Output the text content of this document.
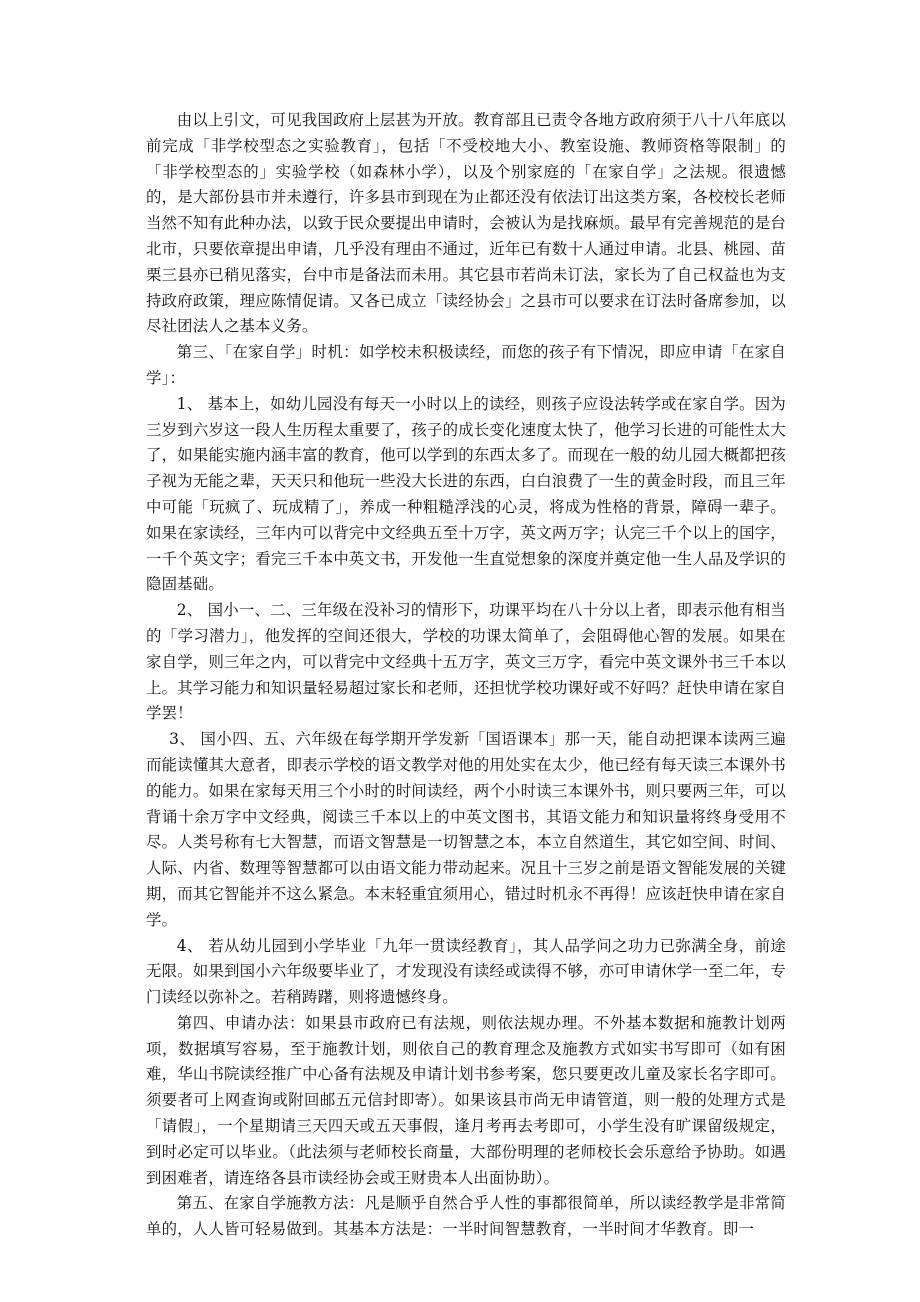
由以上引文，可见我国政府上层甚为开放。教育部且已责令各地方政府须于八十八年底以前完成「非学校型态之实验教育」，包括「不受校地大小、教室设施、教师资格等限制」的「非学校型态的」实验学校（如森林小学），以及个别家庭的「在家自学」之法规。很遗憾的，是大部份县市并未遵行，许多县市到现在为止都还没有依法订出这类方案，各校校长老师当然不知有此种办法，以致于民众要提出申请时，会被认为是找麻烦。最早有完善规范的是台北市，只要依章提出申请，几乎没有理由不通过，近年已有数十人通过申请。北县、桃园、苗栗三县亦已稍见落实，台中市是备法而未用。其它县市若尚未订法，家长为了自己权益也为支持政府政策，理应陈情促请。又各已成立「读经协会」之县市可以要求在订法时备席参加，以尽社团法人之基本义务。

第三、「在家自学」时机：如学校未积极读经，而您的孩子有下情况，即应申请「在家自学」：

1、 基本上，如幼儿园没有每天一小时以上的读经，则孩子应设法转学或在家自学。因为三岁到六岁这一段人生历程太重要了，孩子的成长变化速度太快了，他学习长进的可能性太大了，如果能实施内涵丰富的教育，他可以学到的东西太多了。而现在一般的幼儿园大概都把孩子视为无能之辈，天天只和他玩一些没大长进的东西，白白浪费了一生的黄金时段，而且三年中可能「玩疯了、玩成精了」，养成一种粗糙浮浅的心灵，将成为性格的背景，障碍一辈子。如果在家读经，三年内可以背完中文经典五至十万字，英文两万字；认完三千个以上的国字，一千个英文字；看完三千本中英文书，开发他一生直觉想象的深度并奠定他一生人品及学识的隐固基础。

2、 国小一、二、三年级在没补习的情形下，功课平均在八十分以上者，即表示他有相当的「学习潜力」，他发挥的空间还很大，学校的功课太简单了，会阻碍他心智的发展。如果在家自学，则三年之内，可以背完中文经典十五万字，英文三万字，看完中英文课外书三千本以上。其学习能力和知识量轻易超过家长和老师，还担忧学校功课好或不好吗？赶快申请在家自学罢！

3、 国小四、五、六年级在每学期开学发新「国语课本」那一天，能自动把课本读两三遍而能读懂其大意者，即表示学校的语文教学对他的用处实在太少，他已经有每天读三本课外书的能力。如果在家每天用三个小时的时间读经，两个小时读三本课外书，则只要两三年，可以背诵十余万字中文经典，阅读三千本以上的中英文图书，其语文能力和知识量将终身受用不尽。人类号称有七大智慧，而语文智慧是一切智慧之本，本立自然道生，其它如空间、时间、人际、内省、数理等智慧都可以由语文能力带动起来。况且十三岁之前是语文智能发展的关键期，而其它智能并不这么紧急。本末轻重宜须用心，错过时机永不再得！应该赶快申请在家自学。

4、 若从幼儿园到小学毕业「九年一贯读经教育」，其人品学问之功力已弥满全身，前途无限。如果到国小六年级要毕业了，才发现没有读经或读得不够，亦可申请休学一至二年，专门读经以弥补之。若稍踌躇，则将遗憾终身。

第四、申请办法：如果县市政府已有法规，则依法规办理。不外基本数据和施教计划两项，数据填写容易，至于施教计划，则依自己的教育理念及施教方式如实书写即可（如有困难，华山书院读经推广中心备有法规及申请计划书参考案，您只要更改儿童及家长名字即可。须要者可上网查询或附回邮五元信封即寄）。如果该县市尚无申请管道，则一般的处理方式是「请假」，一个星期请三天四天或五天事假，逢月考再去考即可，小学生没有旷课留级规定，到时必定可以毕业。（此法须与老师校长商量，大部份明理的老师校长会乐意给予协助。如遇到困难者，请连络各县市读经协会或王财贵本人出面协助）。

第五、在家自学施教方法：凡是顺乎自然合乎人性的事都很简单，所以读经教学是非常简单的，人人皆可轻易做到。其基本方法是：一半时间智慧教育，一半时间才华教育。即一
